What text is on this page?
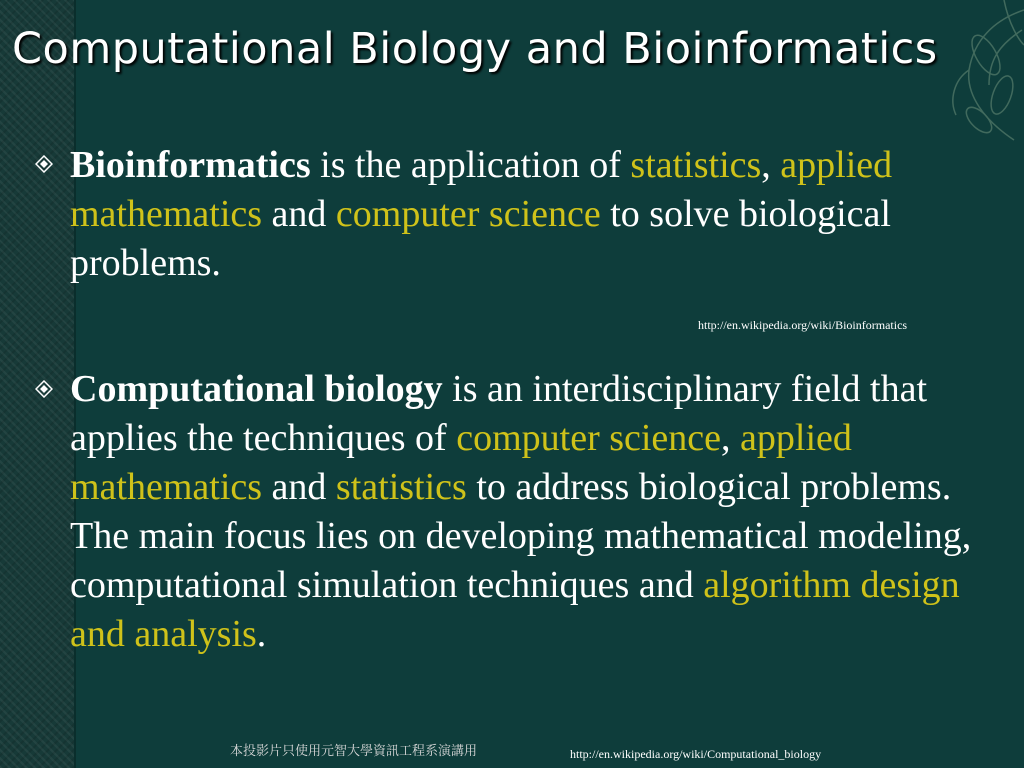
Computational Biology and Bioinformatics

Bioinformatics is the application of statistics, applied mathematics and computer science to solve biological problems.

http://en.wikipedia.org/wiki/Bioinformatics

Computational biology is an interdisciplinary field that applies the techniques of computer science, applied mathematics and statistics to address biological problems. The main focus lies on developing mathematical modeling, computational simulation techniques and algorithm design and analysis.

本投影片只使用元智大學資訊工程系演講用	http://en.wikipedia.org/wiki/Computational_biology
